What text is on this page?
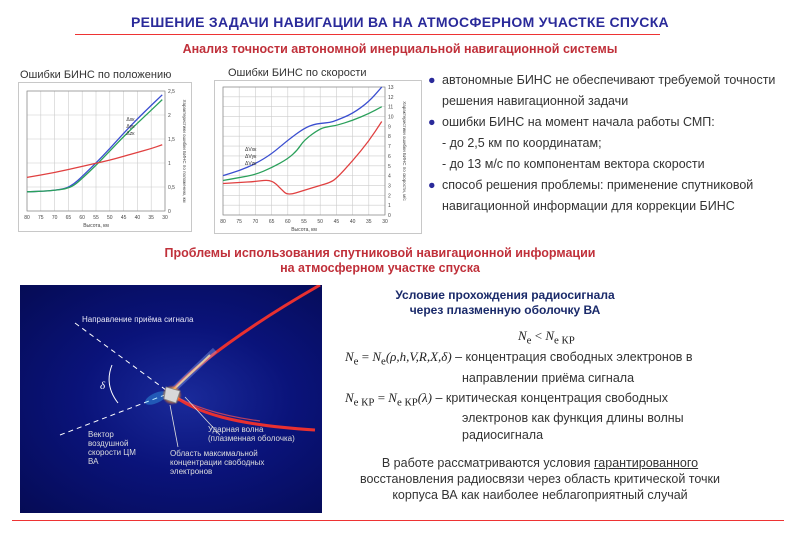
РЕШЕНИЕ ЗАДАЧИ НАВИГАЦИИ ВА НА АТМОСФЕРНОМ УЧАСТКЕ СПУСКА
Анализ точности автономной инерциальной навигационной системы
Ошибки БИНС по положению	Ошибки БИНС по скорости
80 75 70 65 60 55 50 45 40 35 30
0
0,5
1
1,5
2
2,5
Высота, км
Характеристики ошибки БИНС по положению, км
Δхк
Δук
Δzк
80 75 70 65 60 55 50 45 40 35 30
0
1
2
3
4
5
6
7
8
9
10
11
12
13
Высота, км
Характеристики ошибки БИНС по скорости, м/с
ΔVхк
ΔVук
ΔVzк
● автономные БИНС не обеспечивают требуемой точности решения навигационной задачи
● ошибки БИНС на момент начала работы СМП:
- до 2,5 км по координатам;
- до 13 м/с по компонентам вектора скорости
● способ решения проблемы: применение спутниковой навигационной информации для коррекции БИНС
Проблемы использования спутниковой навигационной информации
на атмосферном участке спуска
Направление приёма сигнала
δ
Вектор воздушной скорости ЦМ ВА
Область максимальной концентрации свободных электронов
Ударная волна (плазменная оболочка)
Условие прохождения радиосигнала
через плазменную оболочку ВА
$N_e < N_{e КР}$
$N_e = N_e(\rho,h,V,R,X,\delta)$ – концентрация свободных электронов в
направлении приёма сигнала
$N_{e КР} = N_{e КР}(\lambda)$ – критическая концентрация свободных
электронов как функция длины волны
радиосигнала
В работе рассматриваются условия гарантированного восстановления радиосвязи через область критической точки корпуса ВА как наиболее неблагоприятный случай
